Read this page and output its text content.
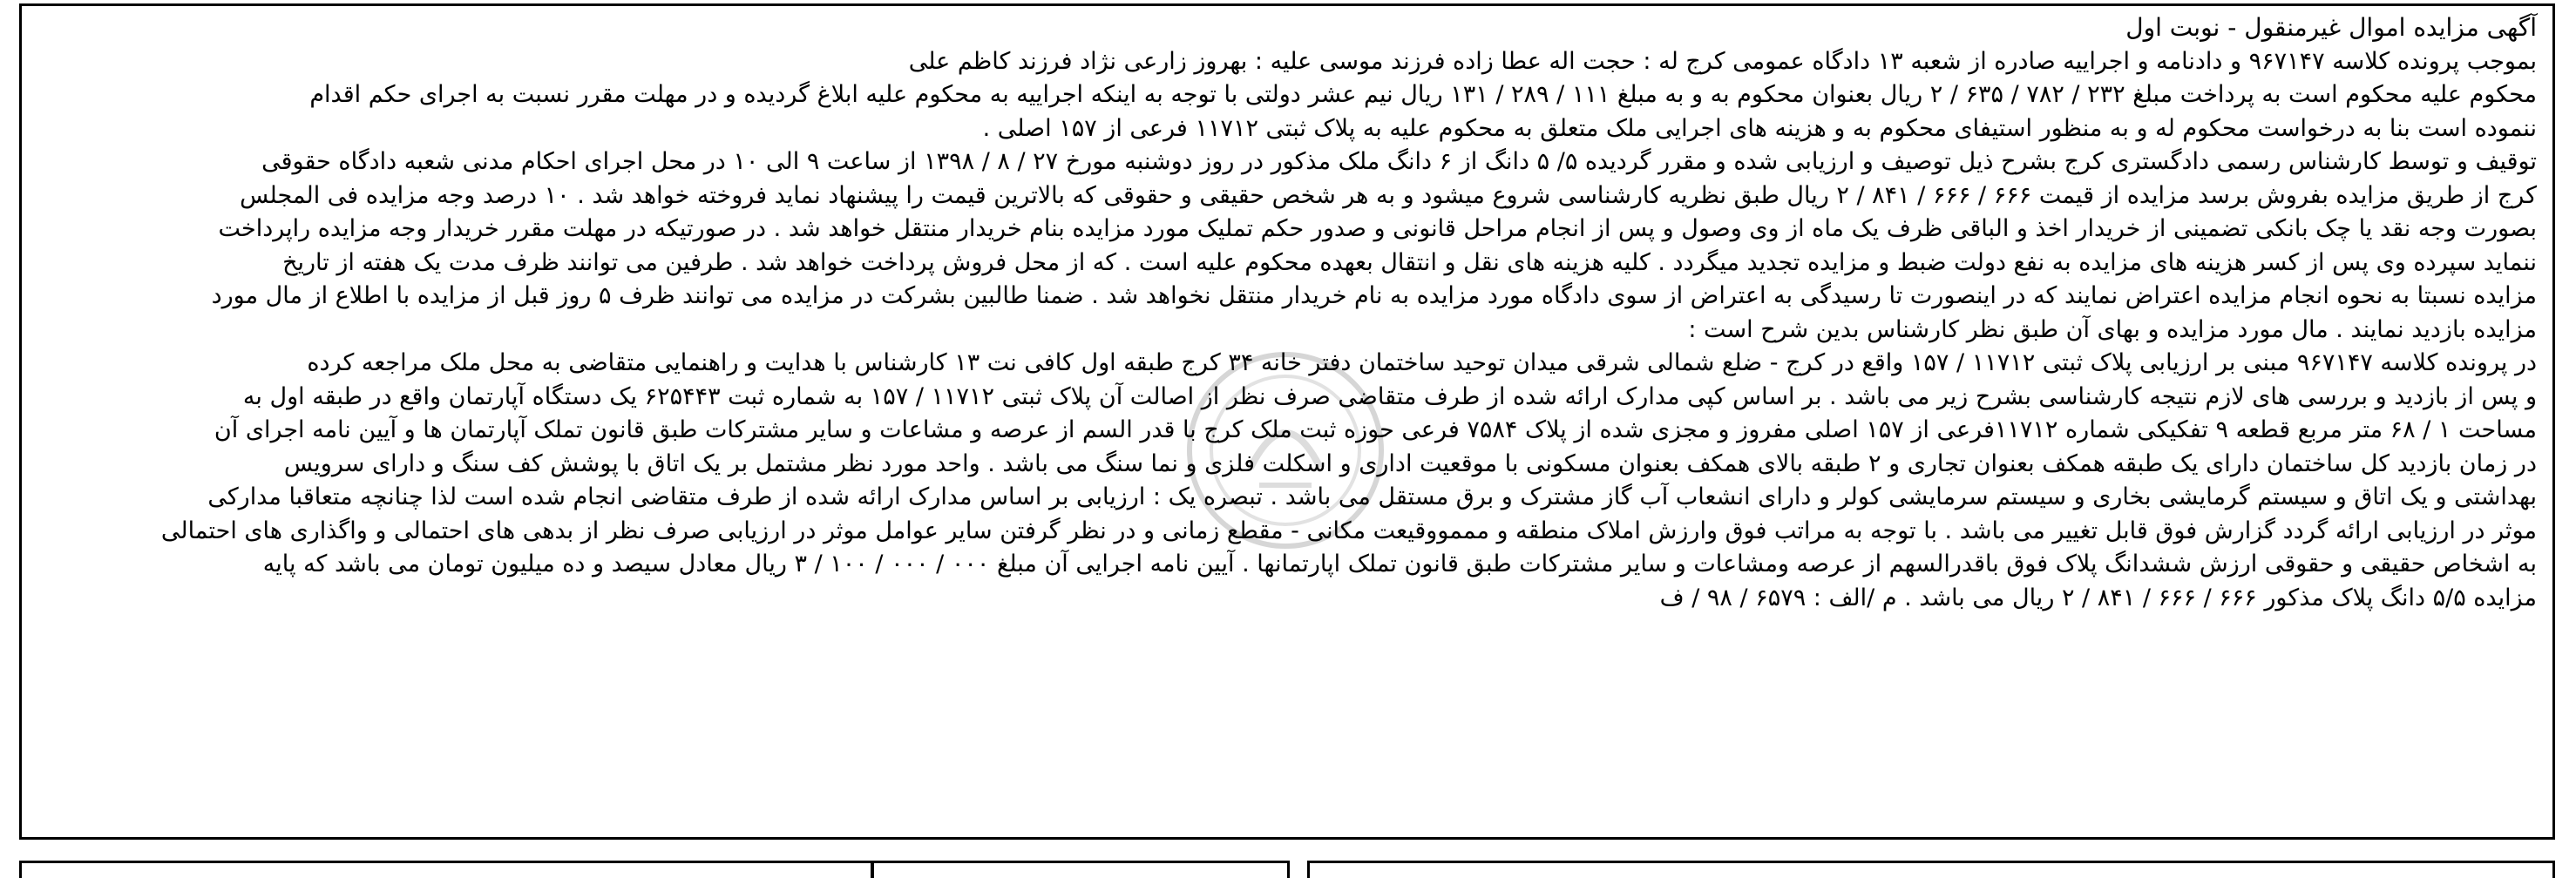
آگهی مزایده اموال غیرمنقول - نوبت اول
بموجب پرونده کلاسه ۹۶۷۱۴۷ و دادنامه و اجراییه صادره از شعبه ۱۳ دادگاه عمومی کرج له : حجت اله عطا زاده فرزند موسی علیه : بهروز زارعی نژاد فرزند کاظم علی
محکوم علیه محکوم است به پرداخت مبلغ ۲۳۲ / ۷۸۲ / ۶۳۵ / ۲ ریال بعنوان محکوم به و به مبلغ ۱۱۱ / ۲۸۹ / ۱۳۱ ریال نیم عشر دولتی با توجه به اینکه اجراییه به محکوم علیه ابلاغ گردیده و در مهلت مقرر نسبت به اجرای حکم اقدام
ننموده است بنا به درخواست محکوم له و به منظور استیفای محکوم به و هزینه های اجرایی ملک متعلق به محکوم علیه به پلاک ثبتی ۱۱۷۱۲ فرعی از ۱۵۷ اصلی .
توقیف و توسط کارشناس رسمی دادگستری کرج بشرح ذیل توصیف و ارزیابی شده و مقرر گردیده ۵/ ۵ دانگ از ۶ دانگ ملک مذکور در روز دوشنبه مورخ ۲۷ / ۸ / ۱۳۹۸ از ساعت ۹ الی ۱۰ در محل اجرای احکام مدنی شعبه دادگاه حقوقی
کرج از طریق مزایده بفروش برسد مزایده از قیمت ۶۶۶ / ۶۶۶ / ۸۴۱ / ۲ ریال طبق نظریه کارشناسی شروع میشود و به هر شخص حقیقی و حقوقی که بالاترین قیمت را پیشنهاد نماید فروخته خواهد شد . ۱۰ درصد وجه مزایده فی المجلس
بصورت وجه نقد یا چک بانکی تضمینی از خریدار اخذ و الباقی ظرف یک ماه از وی وصول و پس از انجام مراحل قانونی و صدور حکم تملیک مورد مزایده بنام خریدار منتقل خواهد شد . در صورتیکه در مهلت مقرر خریدار وجه مزایده راپرداخت
ننماید سپرده وی پس از کسر هزینه های مزایده به نفع دولت ضبط و مزایده تجدید میگردد . کلیه هزینه های نقل و انتقال بعهده محکوم علیه است . که از محل فروش پرداخت خواهد شد . طرفین می توانند ظرف مدت یک هفته از تاریخ
مزایده نسبتا به نحوه انجام مزایده اعتراض نمایند که در اینصورت تا رسیدگی به اعتراض از سوی دادگاه مورد مزایده به نام خریدار منتقل نخواهد شد . ضمنا طالبین بشرکت در مزایده می توانند ظرف ۵ روز قبل از مزایده با اطلاع از مال مورد
مزایده بازدید نمایند . مال مورد مزایده و بهای آن طبق نظر کارشناس بدین شرح است :
در پرونده کلاسه ۹۶۷۱۴۷ مبنی بر ارزیابی پلاک ثبتی ۱۱۷۱۲ / ۱۵۷ واقع در کرج - ضلع شمالی شرقی میدان توحید ساختمان دفتر خانه ۳۴ کرج طبقه اول کافی نت ۱۳ کارشناس با هدایت و راهنمایی متقاضی به محل ملک مراجعه کرده
و پس از بازدید و بررسی های لازم نتیجه کارشناسی بشرح زیر می باشد . بر اساس کپی مدارک ارائه شده از طرف متقاضی صرف نظر از اصالت آن پلاک ثبتی ۱۱۷۱۲ / ۱۵۷ به شماره ثبت ۶۲۵۴۴۳ یک دستگاه آپارتمان واقع در طبقه اول به
مساحت ۱ / ۶۸ متر مربع قطعه ۹ تفکیکی شماره ۱۱۷۱۲فرعی از ۱۵۷ اصلی مفروز و مجزی شده از پلاک ۷۵۸۴ فرعی حوزه ثبت ملک کرج با قدر السم از عرصه و مشاعات و سایر مشترکات طبق قانون تملک آپارتمان ها و آیین نامه اجرای آن
در زمان بازدید کل ساختمان دارای یک طبقه همکف بعنوان تجاری و ۲ طبقه بالای همکف بعنوان مسکونی با موقعیت اداری و اسکلت فلزی و نما سنگ می باشد . واحد مورد نظر مشتمل بر یک اتاق با پوشش کف سنگ و دارای سرویس
بهداشتی و یک اتاق و سیستم گرمایشی بخاری و سیستم سرمایشی کولر و دارای انشعاب آب گاز مشترک و برق مستقل می باشد . تبصره یک : ارزیابی بر اساس مدارک ارائه شده از طرف متقاضی انجام شده است لذا چنانچه متعاقبا مدارکی
موثر در ارزیابی ارائه گردد گزارش فوق قابل تغییر می باشد . با توجه به مراتب فوق وارزش املاک منطقه و مممووقیعت مکانی - مقطع زمانی و در نظر گرفتن سایر عوامل موثر در ارزیابی صرف نظر از بدهی های احتمالی و واگذاری های احتمالی
به اشخاص حقیقی و حقوقی ارزش ششدانگ پلاک فوق باقدرالسهم از عرصه ومشاعات و سایر مشترکات طبق قانون تملک اپارتمانها . آیین نامه اجرایی آن مبلغ ۰۰۰ / ۰۰۰ / ۱۰۰ / ۳ ریال معادل سیصد و ده میلیون تومان می باشد که پایه
مزایده ۵/۵ دانگ پلاک مذکور ۶۶۶ / ۶۶۶ / ۸۴۱ / ۲ ریال می باشد . م /الف : ۶۵۷۹ / ۹۸ / ف
